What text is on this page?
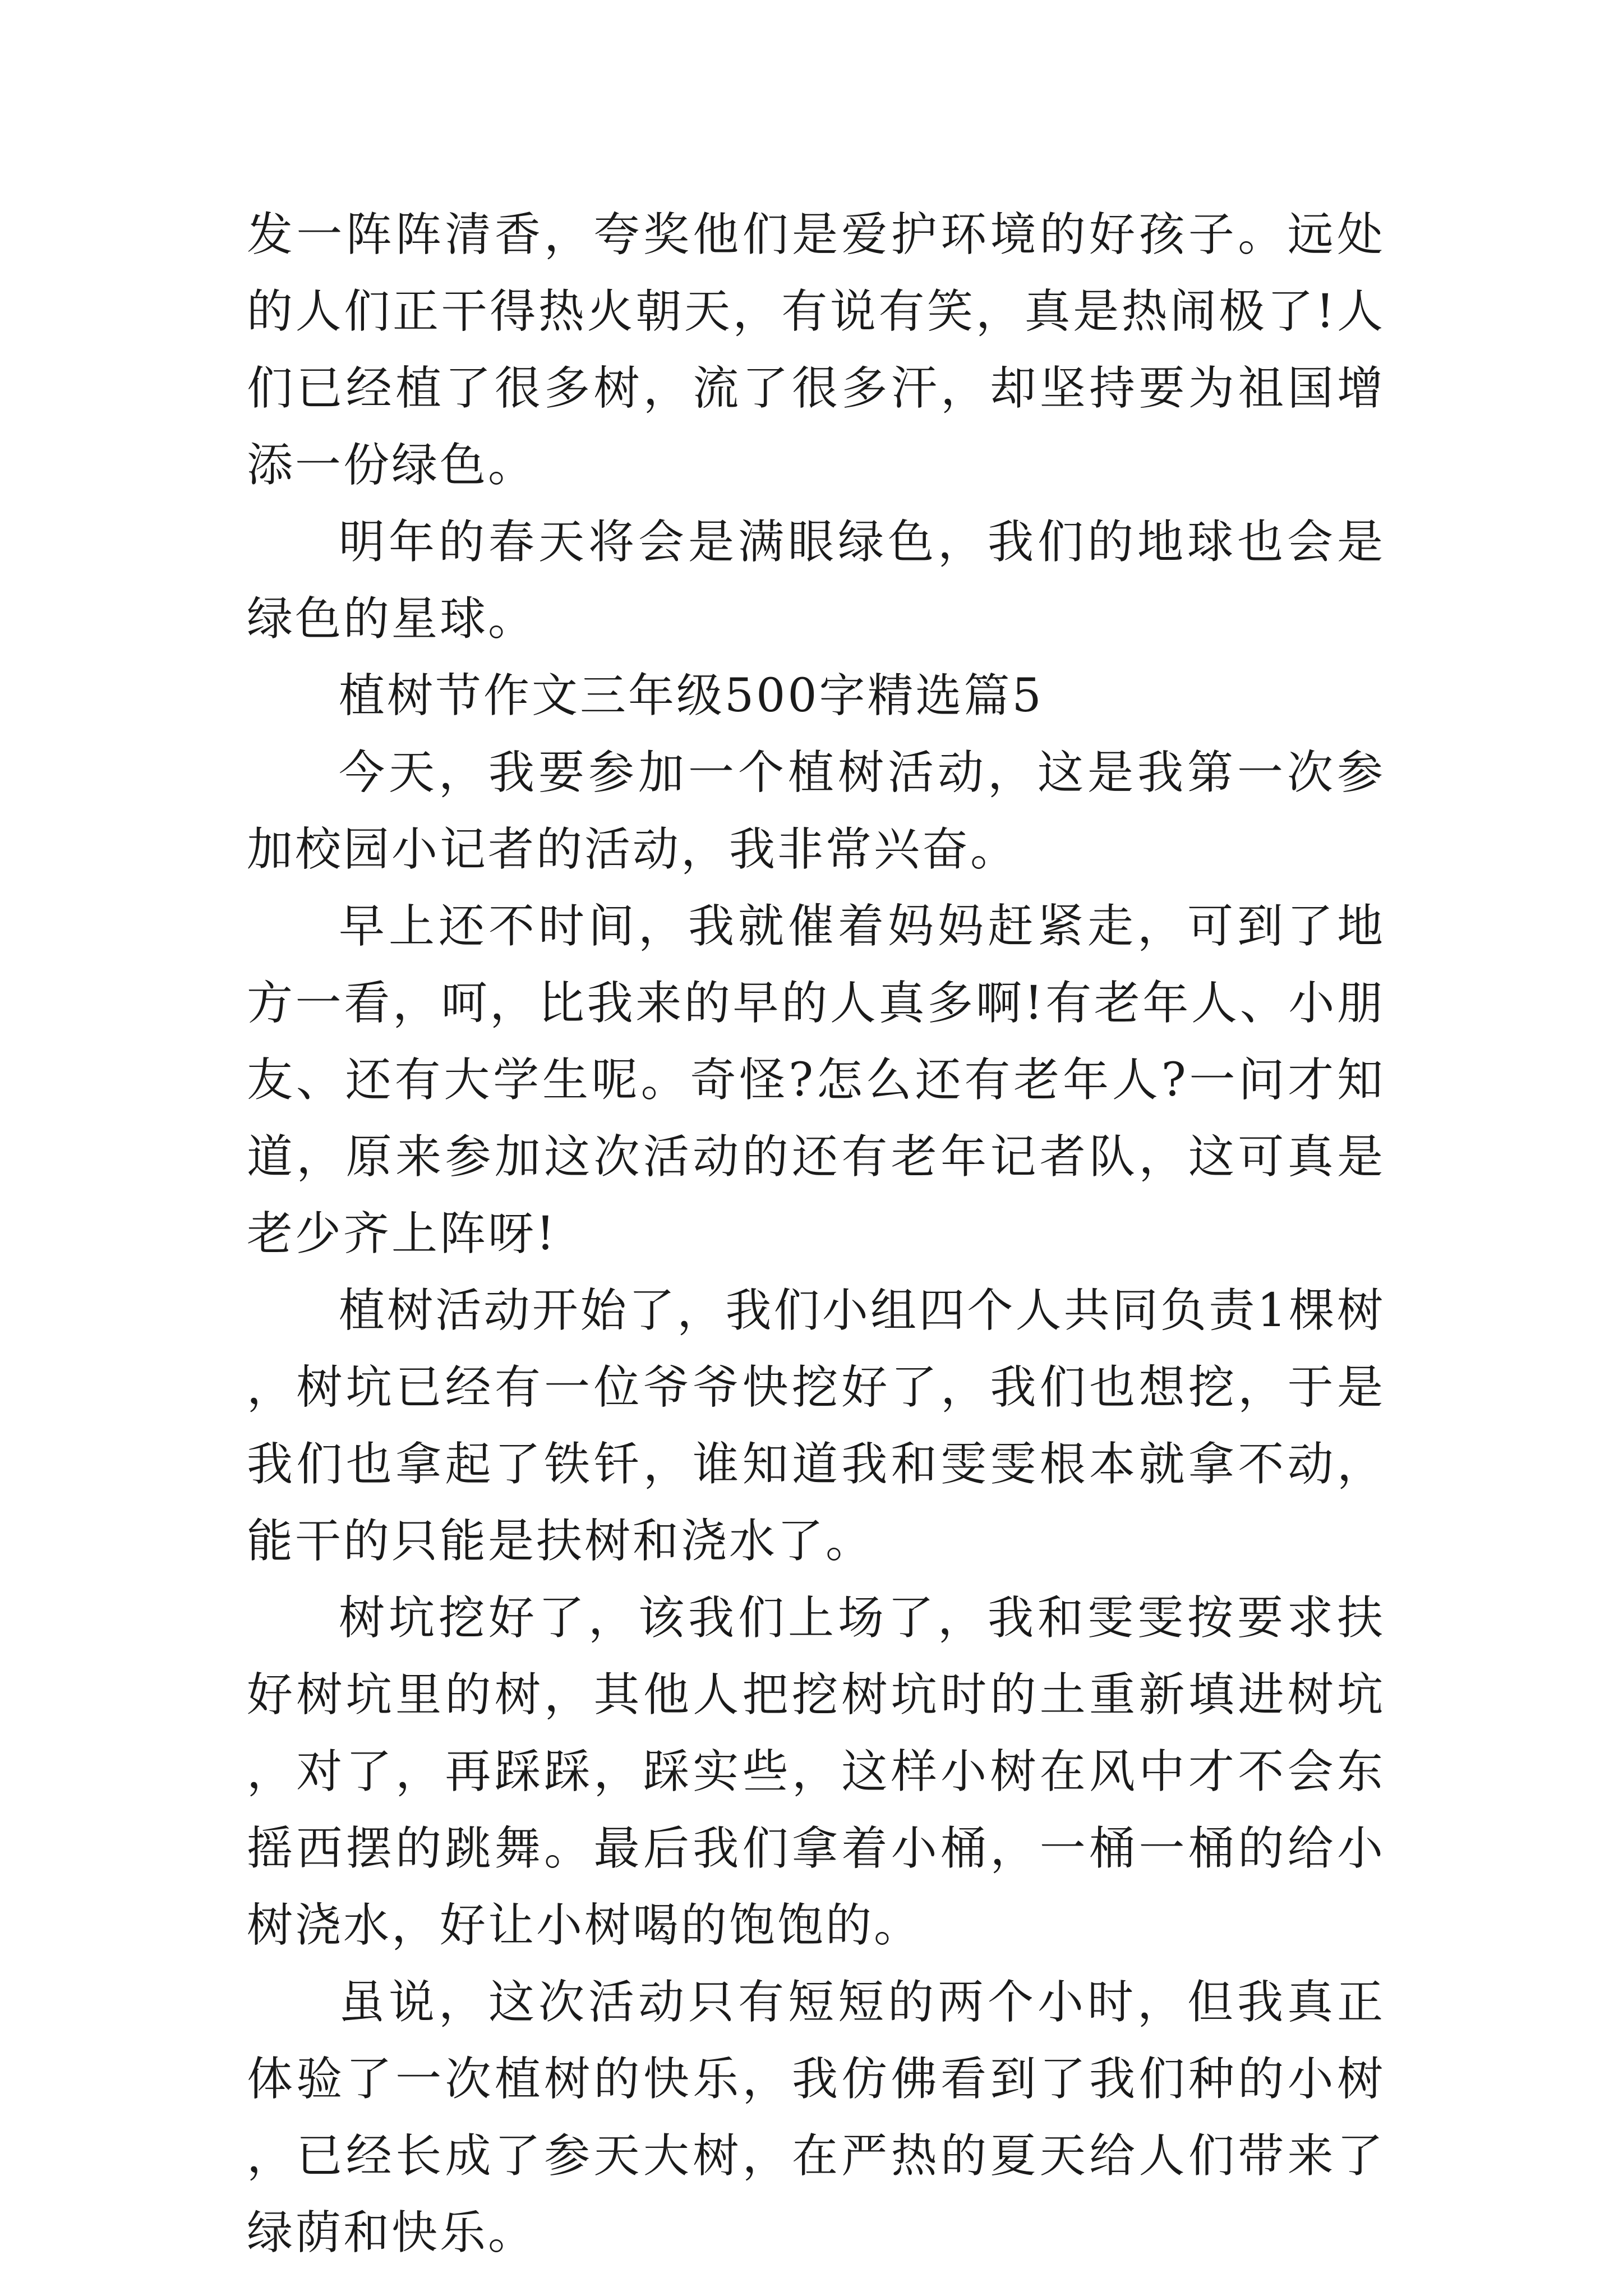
发一阵阵清香，夸奖他们是爱护环境的好孩子。远处的人们正干得热火朝天，有说有笑，真是热闹极了!人们已经植了很多树，流了很多汗，却坚持要为祖国增添一份绿色。

明年的春天将会是满眼绿色，我们的地球也会是绿色的星球。

植树节作文三年级500字精选篇5

今天，我要参加一个植树活动，这是我第一次参加校园小记者的活动，我非常兴奋。

早上还不时间，我就催着妈妈赶紧走，可到了地方一看，呵，比我来的早的人真多啊!有老年人、小朋友、还有大学生呢。奇怪?怎么还有老年人?一问才知道，原来参加这次活动的还有老年记者队，这可真是老少齐上阵呀!

植树活动开始了，我们小组四个人共同负责1棵树，树坑已经有一位爷爷快挖好了，我们也想挖，于是我们也拿起了铁钎，谁知道我和雯雯根本就拿不动，能干的只能是扶树和浇水了。

树坑挖好了，该我们上场了，我和雯雯按要求扶好树坑里的树，其他人把挖树坑时的土重新填进树坑，对了，再踩踩，踩实些，这样小树在风中才不会东摇西摆的跳舞。最后我们拿着小桶，一桶一桶的给小树浇水，好让小树喝的饱饱的。

虽说，这次活动只有短短的两个小时，但我真正体验了一次植树的快乐，我仿佛看到了我们种的小树，已经长成了参天大树，在严热的夏天给人们带来了绿荫和快乐。
